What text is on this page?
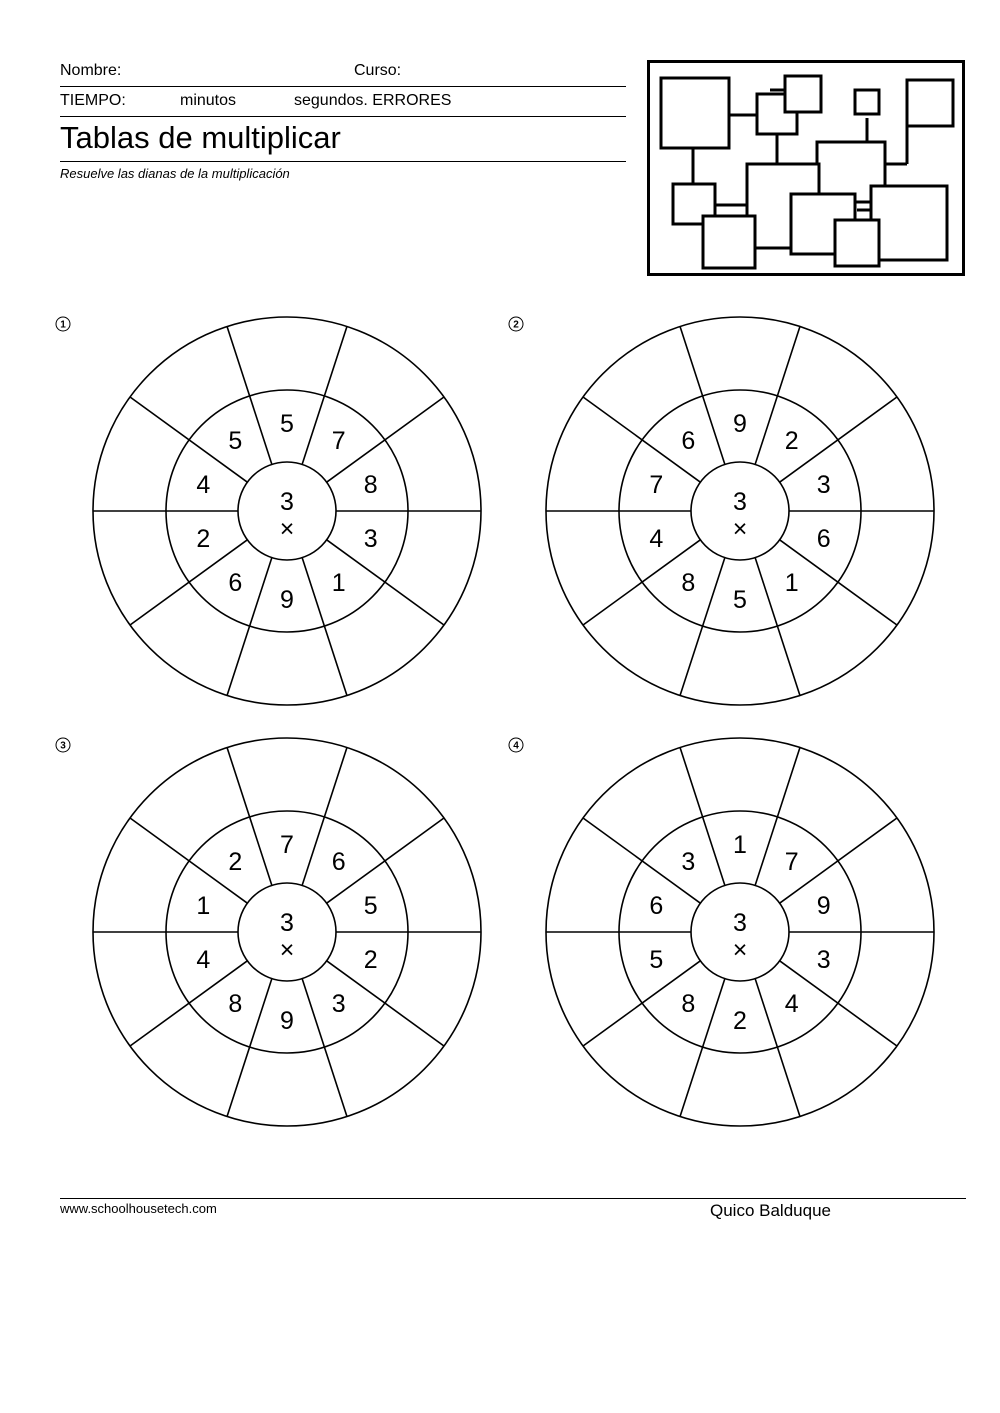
Nombre:	Curso:
TIEMPO:	minutos	segundos. ERRORES
Tablas de multiplicar
Resuelve las dianas de la multiplicación
1
3
×
5
7
8
3
1
9
6
2
4
5
2
3
×
9
2
3
6
1
5
8
4
7
6
3
3
×
7
6
5
2
3
9
8
4
1
2
4
3
×
1
7
9
3
4
2
8
5
6
3
www.schoolhousetech.com	Quico Balduque
